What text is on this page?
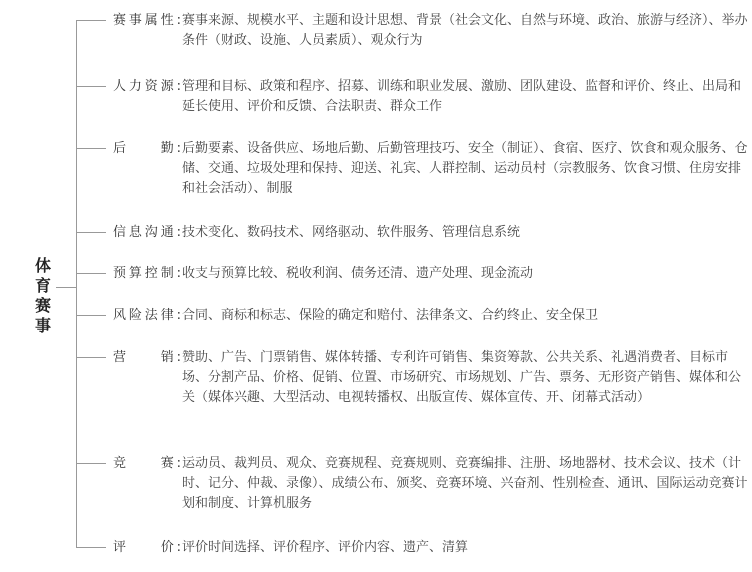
体育赛事
赛事属性: 赛事来源、规模水平、主题和设计思想、背景（社会文化、自然与环境、政治、旅游与经济）、举办条件（财政、设施、人员素质）、观众行为
人力资源: 管理和目标、政策和程序、招募、训练和职业发展、激励、团队建设、监督和评价、终止、出局和延长使用、评价和反馈、合法职责、群众工作
后　　勤: 后勤要素、设备供应、场地后勤、后勤管理技巧、安全（制证）、食宿、医疗、饮食和观众服务、仓储、交通、垃圾处理和保持、迎送、礼宾、人群控制、运动员村（宗教服务、饮食习惯、住房安排和社会活动）、制服
信息沟通: 技术变化、数码技术、网络驱动、软件服务、管理信息系统
预算控制: 收支与预算比较、税收利润、债务还清、遗产处理、现金流动
风险法律: 合同、商标和标志、保险的确定和赔付、法律条文、合约终止、安全保卫
营　　销: 赞助、广告、门票销售、媒体转播、专利许可销售、集资筹款、公共关系、礼遇消费者、目标市场、分割产品、价格、促销、位置、市场研究、市场规划、广告、票务、无形资产销售、媒体和公关（媒体兴趣、大型活动、电视转播权、出版宣传、媒体宣传、开、闭幕式活动）
竞　　赛: 运动员、裁判员、观众、竞赛规程、竞赛规则、竞赛编排、注册、场地器材、技术会议、技术（计时、记分、仲裁、录像）、成绩公布、颁奖、竞赛环境、兴奋剂、性别检查、通讯、国际运动竞赛计划和制度、计算机服务
评　　价: 评价时间选择、评价程序、评价内容、遗产、清算
